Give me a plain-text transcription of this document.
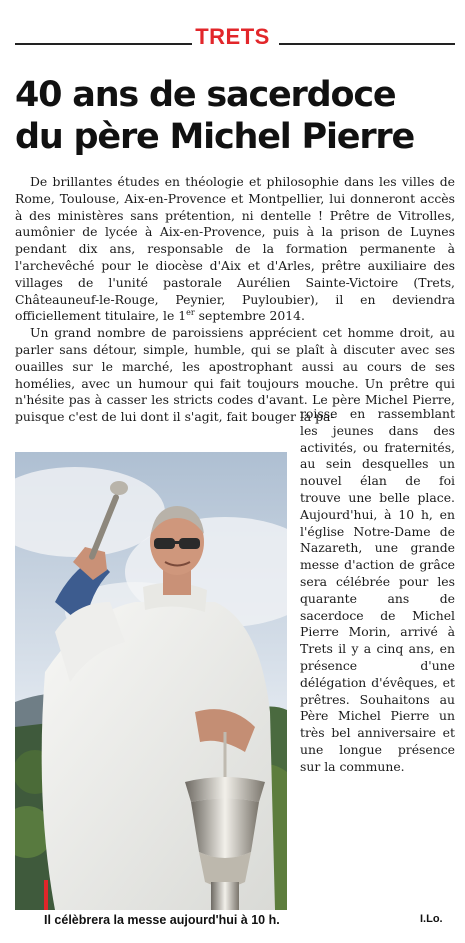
TRETS
40 ans de sacerdoce
du père Michel Pierre

De brillantes études en théologie et philosophie dans les villes de Rome, Toulouse, Aix-en-Provence et Montpellier, lui donneront accès à des ministères sans prétention, ni dentelle ! Prêtre de Vitrolles, aumônier de lycée à Aix-en-Provence, puis à la prison de Luynes pendant dix ans, responsable de la formation permanente à l'archevêché pour le diocèse d'Aix et d'Arles, prêtre auxiliaire des villages de l'unité pastorale Aurélien Sainte-Victoire (Trets, Châteauneuf-le-Rouge, Peynier, Puyloubier), il en deviendra officiellement titulaire, le 1er septembre 2014.

Un grand nombre de paroissiens apprécient cet homme droit, au parler sans détour, simple, humble, qui se plaît à discuter avec ses ouailles sur le marché, les apostrophant aussi au cours de ses homélies, avec un humour qui fait toujours mouche. Un prêtre qui n'hésite pas à casser les stricts codes d'avant. Le père Michel Pierre, puisque c'est de lui dont il s'agit, fait bouger la pa-

roisse en rassemblant les jeunes dans des activités, ou fraternités, au sein desquelles un nouvel élan de foi trouve une belle place. Aujourd'hui, à 10 h, en l'église Notre-Dame de Nazareth, une grande messe d'action de grâce sera célébrée pour les quarante ans de sacerdoce de Michel Pierre Morin, arrivé à Trets il y a cinq ans, en présence d'une délégation d'évêques, et prêtres. Souhaitons au Père Michel Pierre un très bel anniversaire et une longue présence sur la commune.

Il célèbrera la messe aujourd'hui à 10 h.	I.Lo.
